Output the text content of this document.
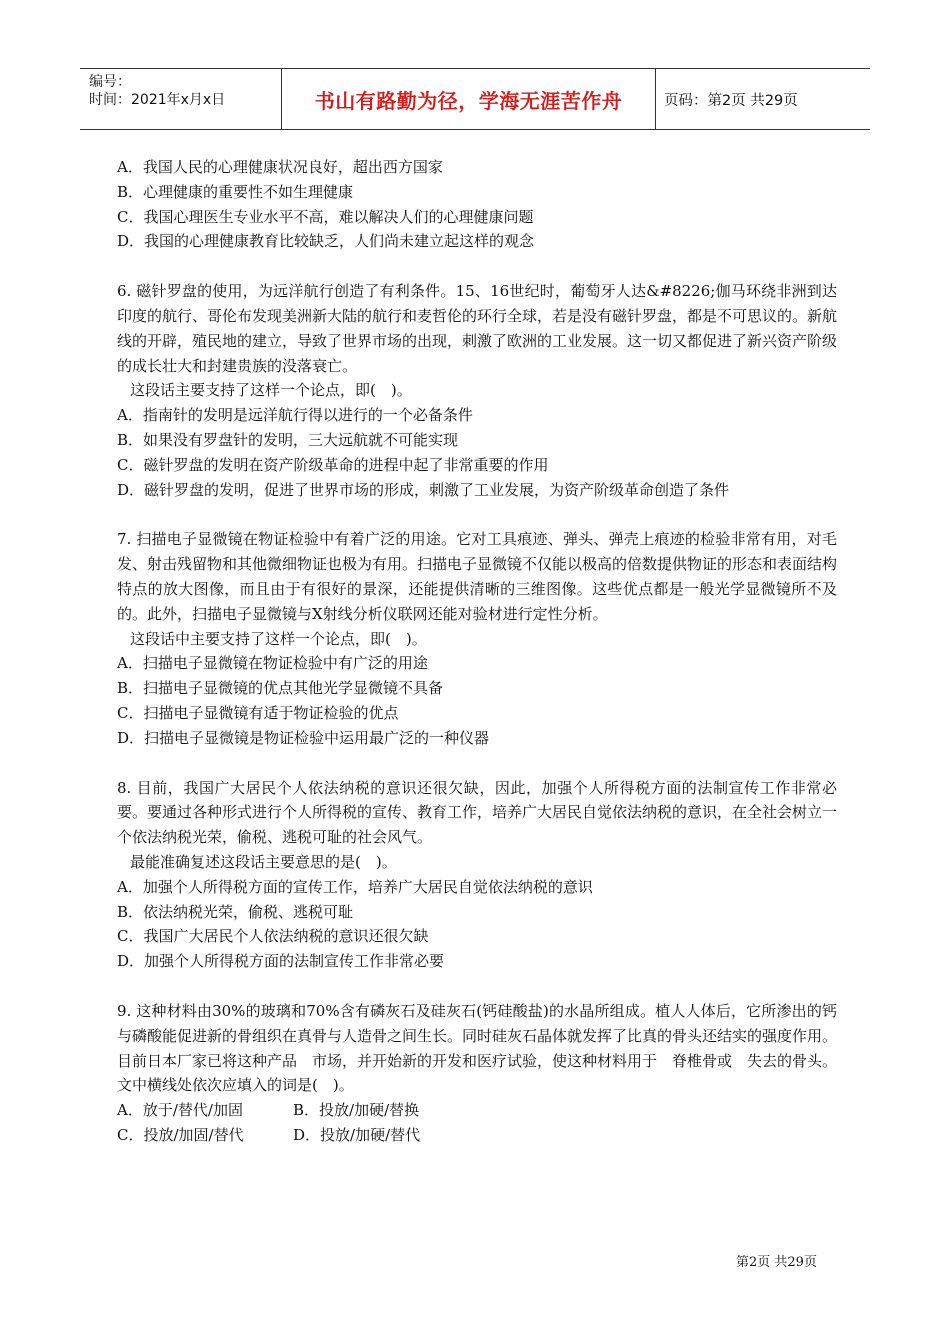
编号：
时间：2021年x月x日	书山有路勤为径，学海无涯苦作舟	页码：第2页 共29页

A．我国人民的心理健康状况良好，超出西方国家

B．心理健康的重要性不如生理健康

C．我国心理医生专业水平不高，难以解决人们的心理健康问题

D．我国的心理健康教育比较缺乏，人们尚未建立起这样的观念

6. 磁针罗盘的使用，为远洋航行创造了有利条件。15、16世纪时，葡萄牙人达&#8226;伽马环绕非洲到达印度的航行、哥伦布发现美洲新大陆的航行和麦哲伦的环行全球，若是没有磁针罗盘，都是不可思议的。新航线的开辟，殖民地的建立，导致了世界市场的出现，刺激了欧洲的工业发展。这一切又都促进了新兴资产阶级的成长壮大和封建贵族的没落衰亡。

这段话主要支持了这样一个论点，即(　)。

A．指南针的发明是远洋航行得以进行的一个必备条件

B．如果没有罗盘针的发明，三大远航就不可能实现

C．磁针罗盘的发明在资产阶级革命的进程中起了非常重要的作用

D．磁针罗盘的发明，促进了世界市场的形成，刺激了工业发展，为资产阶级革命创造了条件

7. 扫描电子显微镜在物证检验中有着广泛的用途。它对工具痕迹、弹头、弹壳上痕迹的检验非常有用，对毛发、射击残留物和其他微细物证也极为有用。扫描电子显微镜不仅能以极高的倍数提供物证的形态和表面结构特点的放大图像，而且由于有很好的景深，还能提供清晰的三维图像。这些优点都是一般光学显微镜所不及的。此外，扫描电子显微镜与X射线分析仪联网还能对验材进行定性分析。

这段话中主要支持了这样一个论点，即(　)。

A．扫描电子显微镜在物证检验中有广泛的用途

B．扫描电子显微镜的优点其他光学显微镜不具备

C．扫描电子显微镜有适于物证检验的优点

D．扫描电子显微镜是物证检验中运用最广泛的一种仪器

8. 目前，我国广大居民个人依法纳税的意识还很欠缺，因此，加强个人所得税方面的法制宣传工作非常必要。要通过各种形式进行个人所得税的宣传、教育工作，培养广大居民自觉依法纳税的意识，在全社会树立一个依法纳税光荣，偷税、逃税可耻的社会风气。

最能准确复述这段话主要意思的是(　)。

A．加强个人所得税方面的宣传工作，培养广大居民自觉依法纳税的意识

B．依法纳税光荣，偷税、逃税可耻

C．我国广大居民个人依法纳税的意识还很欠缺

D．加强个人所得税方面的法制宣传工作非常必要

9. 这种材料由30%的玻璃和70%含有磷灰石及硅灰石(钙硅酸盐)的水晶所组成。植人人体后，它所渗出的钙与磷酸能促进新的骨组织在真骨与人造骨之间生长。同时硅灰石晶体就发挥了比真的骨头还结实的强度作用。目前日本厂家已将这种产品　市场，并开始新的开发和医疗试验，使这种材料用于　脊椎骨或　失去的骨头。

文中横线处依次应填入的词是(　)。

A．放于/替代/加固	B．投放/加硬/替换

C．投放/加固/替代	D．投放/加硬/替代

第2页 共29页
